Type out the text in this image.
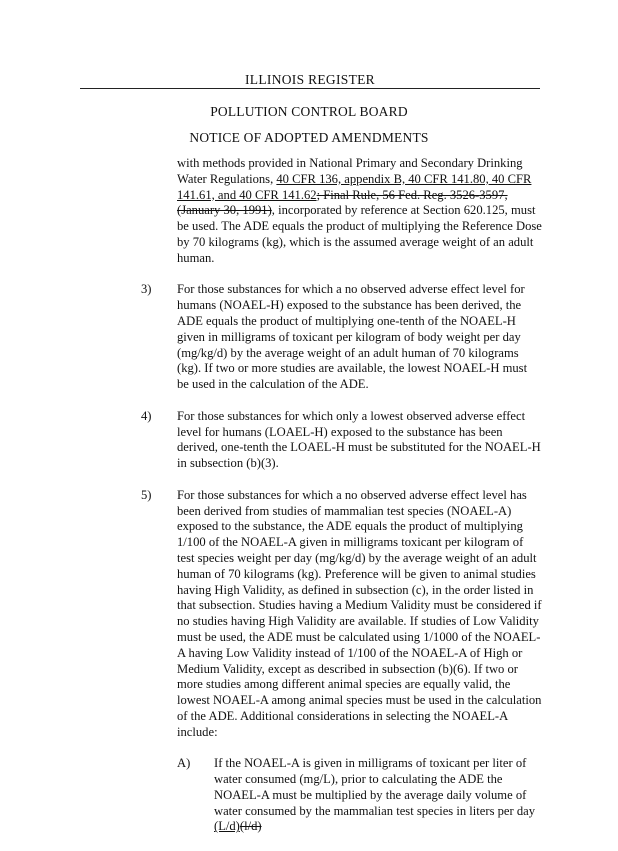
ILLINOIS REGISTER
POLLUTION CONTROL BOARD
NOTICE OF ADOPTED AMENDMENTS
with methods provided in National Primary and Secondary Drinking Water Regulations, 40 CFR 136, appendix B, 40 CFR 141.80, 40 CFR 141.61, and 40 CFR 141.62; Final Rule, 56 Fed. Reg. 3526-3597, (January 30, 1991), incorporated by reference at Section 620.125, must be used. The ADE equals the product of multiplying the Reference Dose by 70 kilograms (kg), which is the assumed average weight of an adult human.
3) For those substances for which a no observed adverse effect level for humans (NOAEL-H) exposed to the substance has been derived, the ADE equals the product of multiplying one-tenth of the NOAEL-H given in milligrams of toxicant per kilogram of body weight per day (mg/kg/d) by the average weight of an adult human of 70 kilograms (kg). If two or more studies are available, the lowest NOAEL-H must be used in the calculation of the ADE.
4) For those substances for which only a lowest observed adverse effect level for humans (LOAEL-H) exposed to the substance has been derived, one-tenth the LOAEL-H must be substituted for the NOAEL-H in subsection (b)(3).
5) For those substances for which a no observed adverse effect level has been derived from studies of mammalian test species (NOAEL-A) exposed to the substance, the ADE equals the product of multiplying 1/100 of the NOAEL-A given in milligrams toxicant per kilogram of test species weight per day (mg/kg/d) by the average weight of an adult human of 70 kilograms (kg). Preference will be given to animal studies having High Validity, as defined in subsection (c), in the order listed in that subsection. Studies having a Medium Validity must be considered if no studies having High Validity are available. If studies of Low Validity must be used, the ADE must be calculated using 1/1000 of the NOAEL-A having Low Validity instead of 1/100 of the NOAEL-A of High or Medium Validity, except as described in subsection (b)(6). If two or more studies among different animal species are equally valid, the lowest NOAEL-A among animal species must be used in the calculation of the ADE. Additional considerations in selecting the NOAEL-A include:
A) If the NOAEL-A is given in milligrams of toxicant per liter of water consumed (mg/L), prior to calculating the ADE the NOAEL-A must be multiplied by the average daily volume of water consumed by the mammalian test species in liters per day (L/d)(l/d)
